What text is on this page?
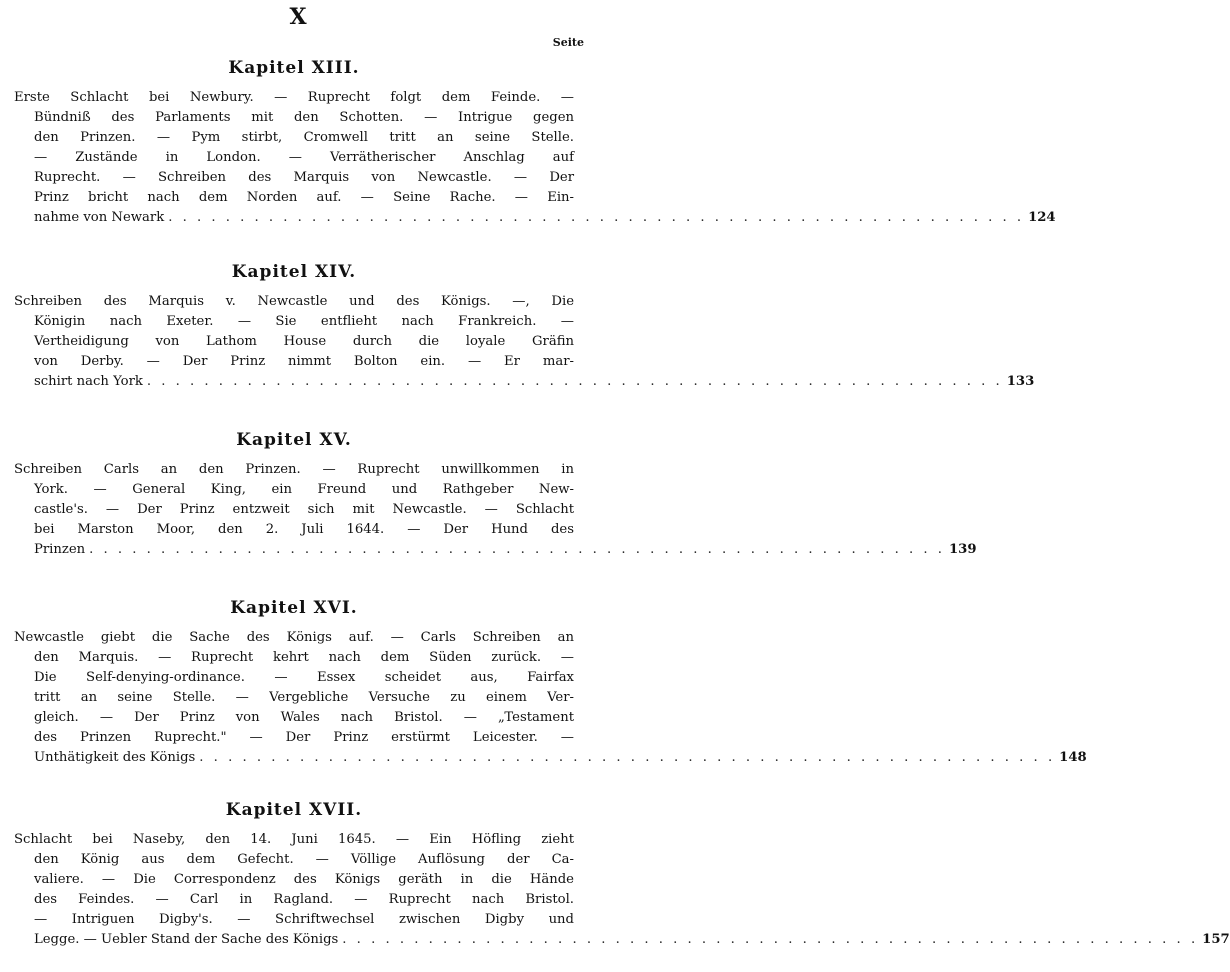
X
Seite
Kapitel XIII.
Erste Schlacht bei Newbury. — Ruprecht folgt dem Feinde. —
Bündniß des Parlaments mit den Schotten. — Intrigue gegen
den Prinzen. — Pym stirbt, Cromwell tritt an seine Stelle.
— Zustände in London. — Verrätherischer Anschlag auf
Ruprecht. — Schreiben des Marquis von Newcastle. — Der
Prinz bricht nach dem Norden auf. — Seine Rache. — Ein-
nahme von Newark . . . . . . . . . . . . . . . . . . . . . . . . . . . . . . . . . . . . . . . . . . . . . . . . . . . . . . . . . . . . 124
Kapitel XIV.
Schreiben des Marquis v. Newcastle und des Königs. —, Die
Königin nach Exeter. — Sie entflieht nach Frankreich. —
Vertheidigung von Lathom House durch die loyale Gräfin
von Derby. — Der Prinz nimmt Bolton ein. — Er mar-
schirt nach York . . . . . . . . . . . . . . . . . . . . . . . . . . . . . . . . . . . . . . . . . . . . . . . . . . . . . . . . . . . . 133
Kapitel XV.
Schreiben Carls an den Prinzen. — Ruprecht unwillkommen in
York. — General King, ein Freund und Rathgeber New-
castle's. — Der Prinz entzweit sich mit Newcastle. — Schlacht
bei Marston Moor, den 2. Juli 1644. — Der Hund des
Prinzen . . . . . . . . . . . . . . . . . . . . . . . . . . . . . . . . . . . . . . . . . . . . . . . . . . . . . . . . . . . . 139
Kapitel XVI.
Newcastle giebt die Sache des Königs auf. — Carls Schreiben an
den Marquis. — Ruprecht kehrt nach dem Süden zurück. —
Die Self-denying-ordinance. — Essex scheidet aus, Fairfax
tritt an seine Stelle. — Vergebliche Versuche zu einem Ver-
gleich. — Der Prinz von Wales nach Bristol. — „Testament
des Prinzen Ruprecht." — Der Prinz erstürmt Leicester. —
Unthätigkeit des Königs . . . . . . . . . . . . . . . . . . . . . . . . . . . . . . . . . . . . . . . . . . . . . . . . . . . . . . . . . . . . 148
Kapitel XVII.
Schlacht bei Naseby, den 14. Juni 1645. — Ein Höfling zieht
den König aus dem Gefecht. — Völlige Auflösung der Ca-
valiere. — Die Correspondenz des Königs geräth in die Hände
des Feindes. — Carl in Ragland. — Ruprecht nach Bristol.
— Intriguen Digby's. — Schriftwechsel zwischen Digby und
Legge. — Uebler Stand der Sache des Königs . . . . . . . . . . . . . . . . . . . . . . . . . . . . . . . . . . . . . . . . . . . . . . . . . . . . . . . . . . . . 157
